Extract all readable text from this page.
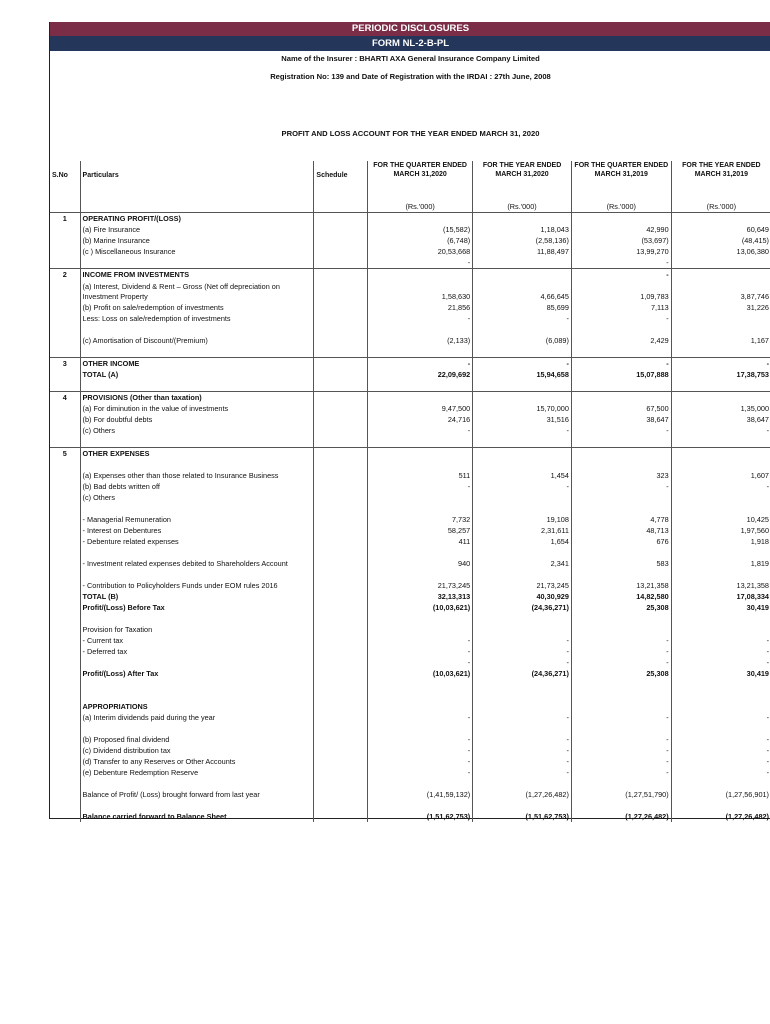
PERIODIC DISCLOSURES
FORM NL-2-B-PL
Name of the Insurer : BHARTI AXA General Insurance Company Limited
Registration No: 139 and Date of Registration with the IRDAI : 27th June, 2008
PROFIT AND LOSS ACCOUNT FOR THE YEAR ENDED MARCH 31, 2020
S.No	Particulars	Schedule	FOR THE QUARTER ENDED MARCH 31,2020	FOR THE YEAR ENDED MARCH 31,2020	FOR THE QUARTER ENDED MARCH 31,2019	FOR THE YEAR ENDED MARCH 31,2019

			(Rs.'000)	(Rs.'000)	(Rs.'000)	(Rs.'000)
1	OPERATING PROFIT/(LOSS)					
	(a) Fire Insurance		(15,582)	1,18,043	42,990	60,649
	(b) Marine Insurance		(6,748)	(2,58,136)	(53,697)	(48,415)
	(c ) Miscellaneous Insurance		20,53,668	11,88,497	13,99,270	13,06,380
			-		-	
2	INCOME FROM INVESTMENTS				-	
	(a) Interest, Dividend & Rent – Gross (Net off depreciation on Investment Property		1,58,630	4,66,645	1,09,783	3,87,746
	(b) Profit on sale/redemption of investments		21,856	85,699	7,113	31,226
	Less: Loss on sale/redemption of investments		-	-	-	
	(c) Amortisation of Discount/(Premium)		(2,133)	(6,089)	2,429	1,167

3	OTHER INCOME		-	-	-	-
	TOTAL (A)		22,09,692	15,94,658	15,07,888	17,38,753

4	PROVISIONS (Other than taxation)					
	(a) For diminution in the value of investments		9,47,500	15,70,000	67,500	1,35,000
	(b) For doubtful debts		24,716	31,516	38,647	38,647
	(c) Others		-	-	-	-

5	OTHER EXPENSES					
	(a) Expenses other than those related to Insurance Business		511	1,454	323	1,607
	(b) Bad debts written off		-	-	-	-
	(c) Others					

	- Managerial Remuneration		7,732	19,108	4,778	10,425
	- Interest on Debentures		58,257	2,31,611	48,713	1,97,560
	- Debenture related expenses		411	1,654	676	1,918
	- Investment related expenses debited to Shareholders Account		940	2,341	583	1,819
	- Contribution to Policyholders Funds under EOM rules 2016		21,73,245	21,73,245	13,21,358	13,21,358
	TOTAL (B)		32,13,313	40,30,929	14,82,580	17,08,334
	Profit/(Loss) Before Tax		(10,03,621)	(24,36,271)	25,308	30,419

	Provision for Taxation					
	- Current tax		-	-	-	-
	- Deferred tax		-	-	-	-
			-	-	-	-
	Profit/(Loss) After Tax		(10,03,621)	(24,36,271)	25,308	30,419

	APPROPRIATIONS					
	(a) Interim dividends paid during the year		-	-	-	-

	(b) Proposed final dividend		-	-	-	-
	(c) Dividend distribution tax		-	-	-	-
	(d) Transfer to any Reserves or Other Accounts		-	-	-	-
	(e) Debenture Redemption Reserve		-	-	-	-

	Balance of Profit/ (Loss) brought forward from last year		(1,41,59,132)	(1,27,26,482)	(1,27,51,790)	(1,27,56,901)

	Balance carried forward to Balance Sheet		(1,51,62,753)	(1,51,62,753)	(1,27,26,482)	(1,27,26,482)
